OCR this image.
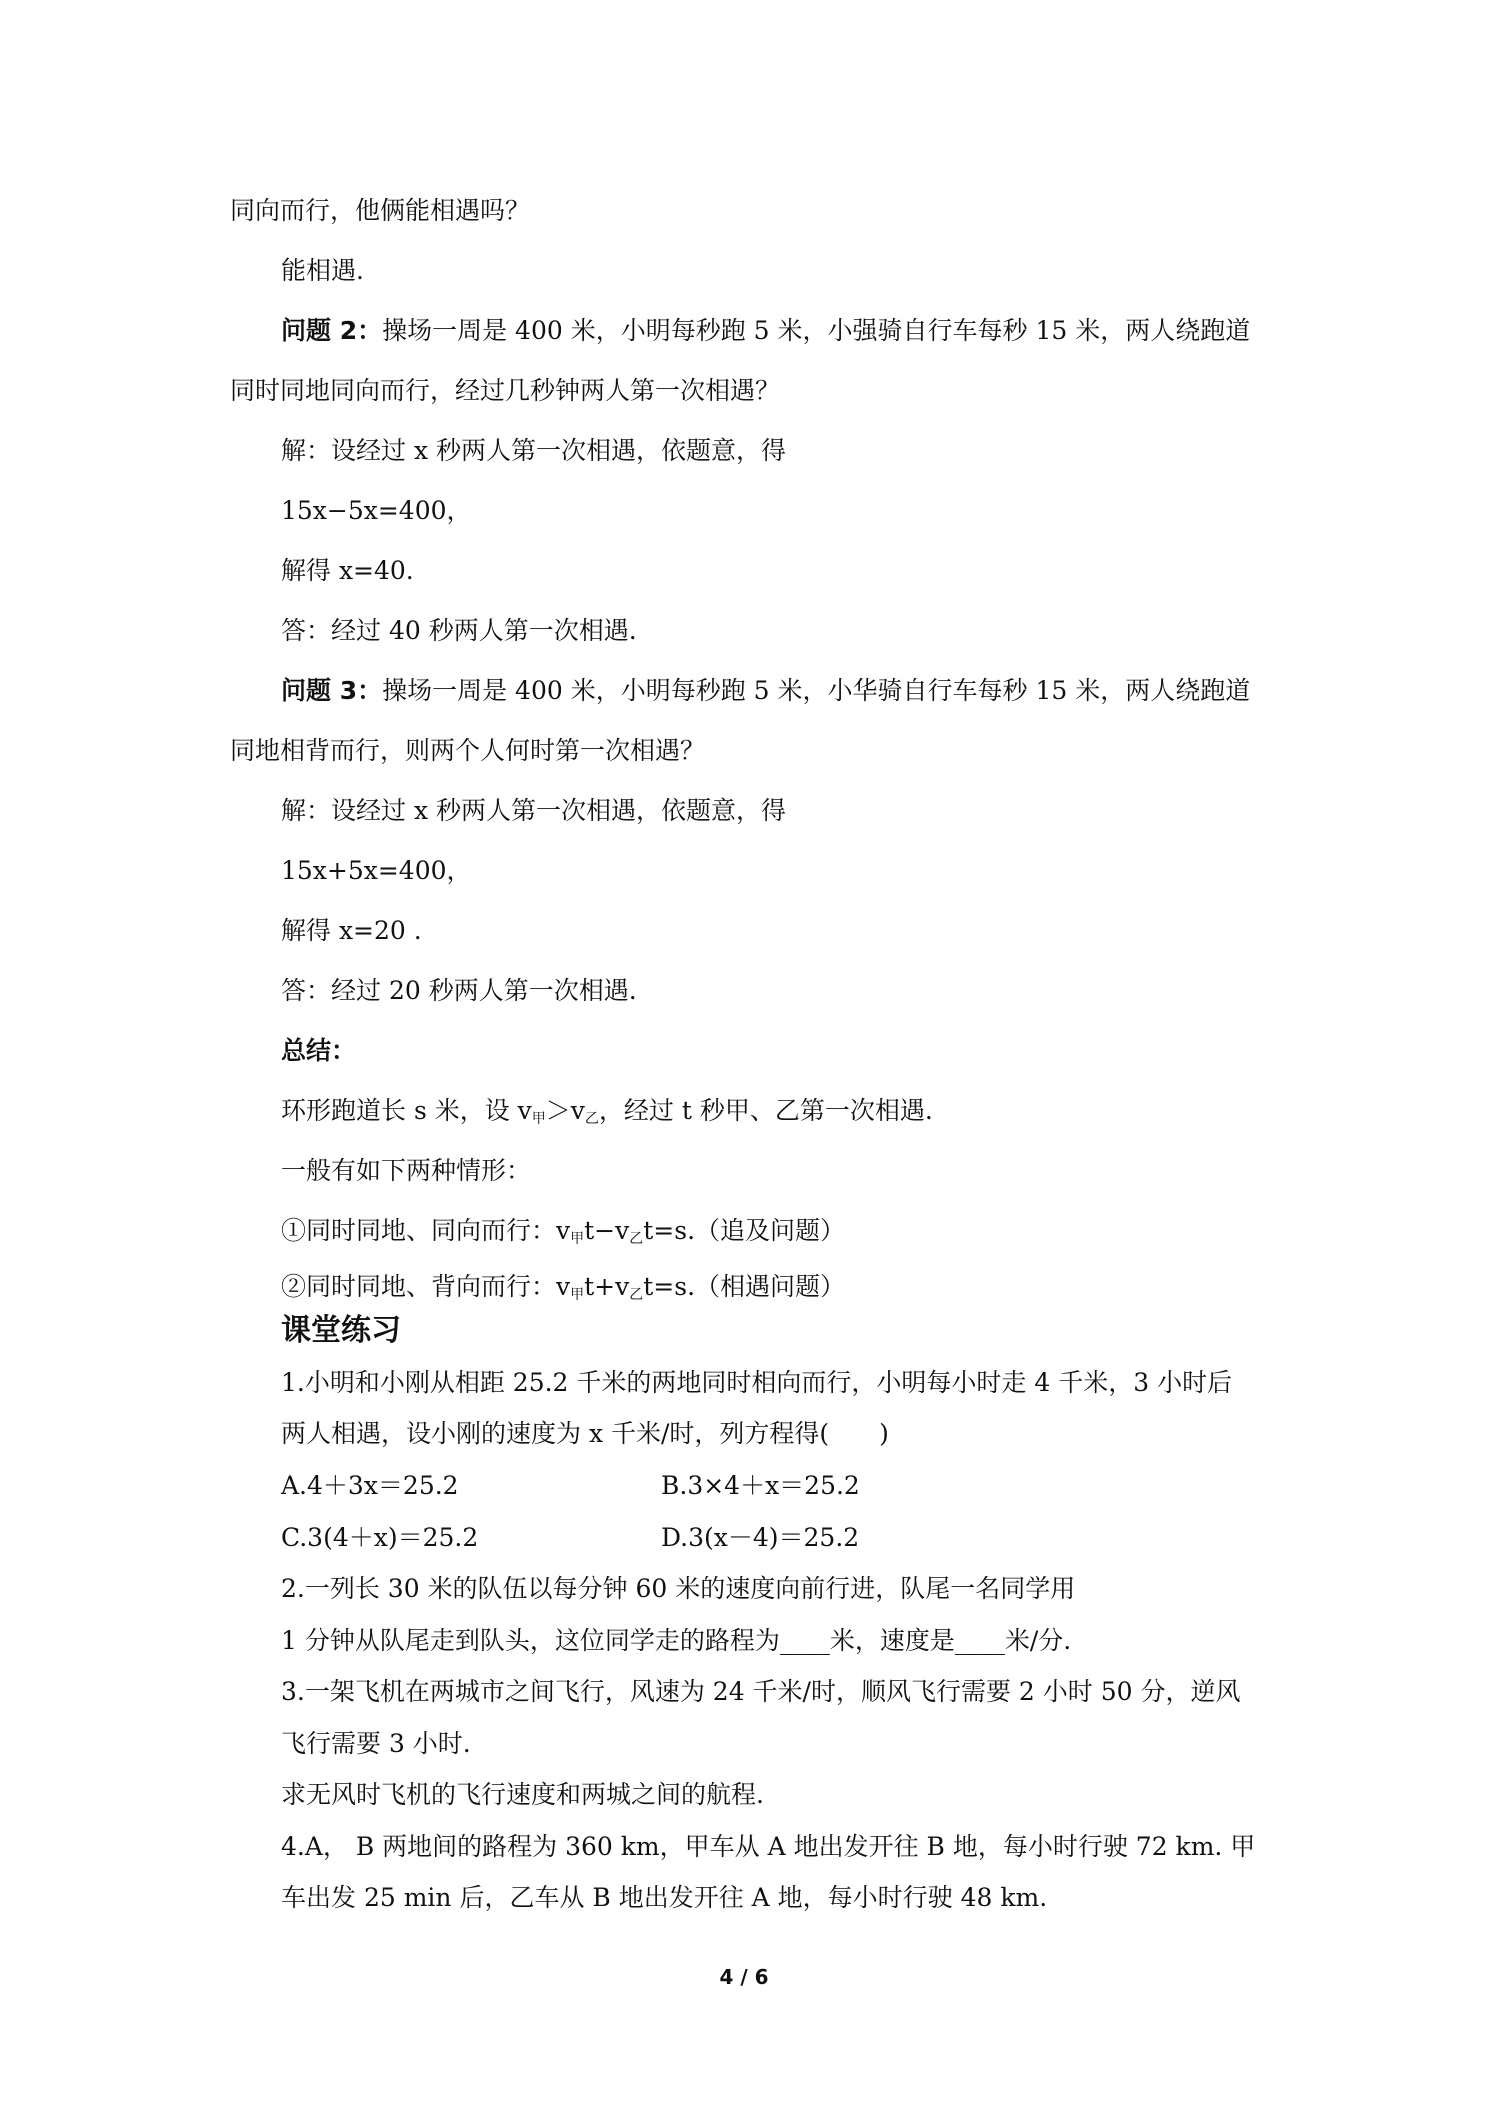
同向而行，他俩能相遇吗？
能相遇.
问题 2：操场一周是 400 米，小明每秒跑 5 米，小强骑自行车每秒 15 米，两人绕跑道
同时同地同向而行，经过几秒钟两人第一次相遇？
解：设经过 x 秒两人第一次相遇，依题意，得
15x−5x=400，
解得 x=40.
答：经过 40 秒两人第一次相遇.
问题 3：操场一周是 400 米，小明每秒跑 5 米，小华骑自行车每秒 15 米，两人绕跑道
同地相背而行，则两个人何时第一次相遇？
解：设经过 x 秒两人第一次相遇，依题意，得
15x+5x=400，
解得 x=20 .
答：经过 20 秒两人第一次相遇.
总结：
环形跑道长 s 米，设 $v_甲>v_乙$，经过 t 秒甲、乙第一次相遇.
一般有如下两种情形：
①同时同地、同向而行：$v_甲t-v_乙t=s$.（追及问题）
②同时同地、背向而行：$v_甲t+v_乙t=s$.（相遇问题）
课堂练习
1.小明和小刚从相距 25.2 千米的两地同时相向而行，小明每小时走 4 千米，3 小时后
两人相遇，设小刚的速度为 x 千米/时，列方程得(　　)
A.4＋3x＝25.2	B.3×4＋x＝25.2
C.3(4＋x)＝25.2	D.3(x－4)＝25.2
2.一列长 30 米的队伍以每分钟 60 米的速度向前行进，队尾一名同学用
1 分钟从队尾走到队头，这位同学走的路程为____米，速度是____米/分.
3.一架飞机在两城市之间飞行，风速为 24 千米/时，顺风飞行需要 2 小时 50 分，逆风
飞行需要 3 小时.
求无风时飞机的飞行速度和两城之间的航程.
4.A， B 两地间的路程为 360 km，甲车从 A 地出发开往 B 地，每小时行驶 72 km. 甲
车出发 25 min 后，乙车从 B 地出发开往 A 地，每小时行驶 48 km.
4 / 6
